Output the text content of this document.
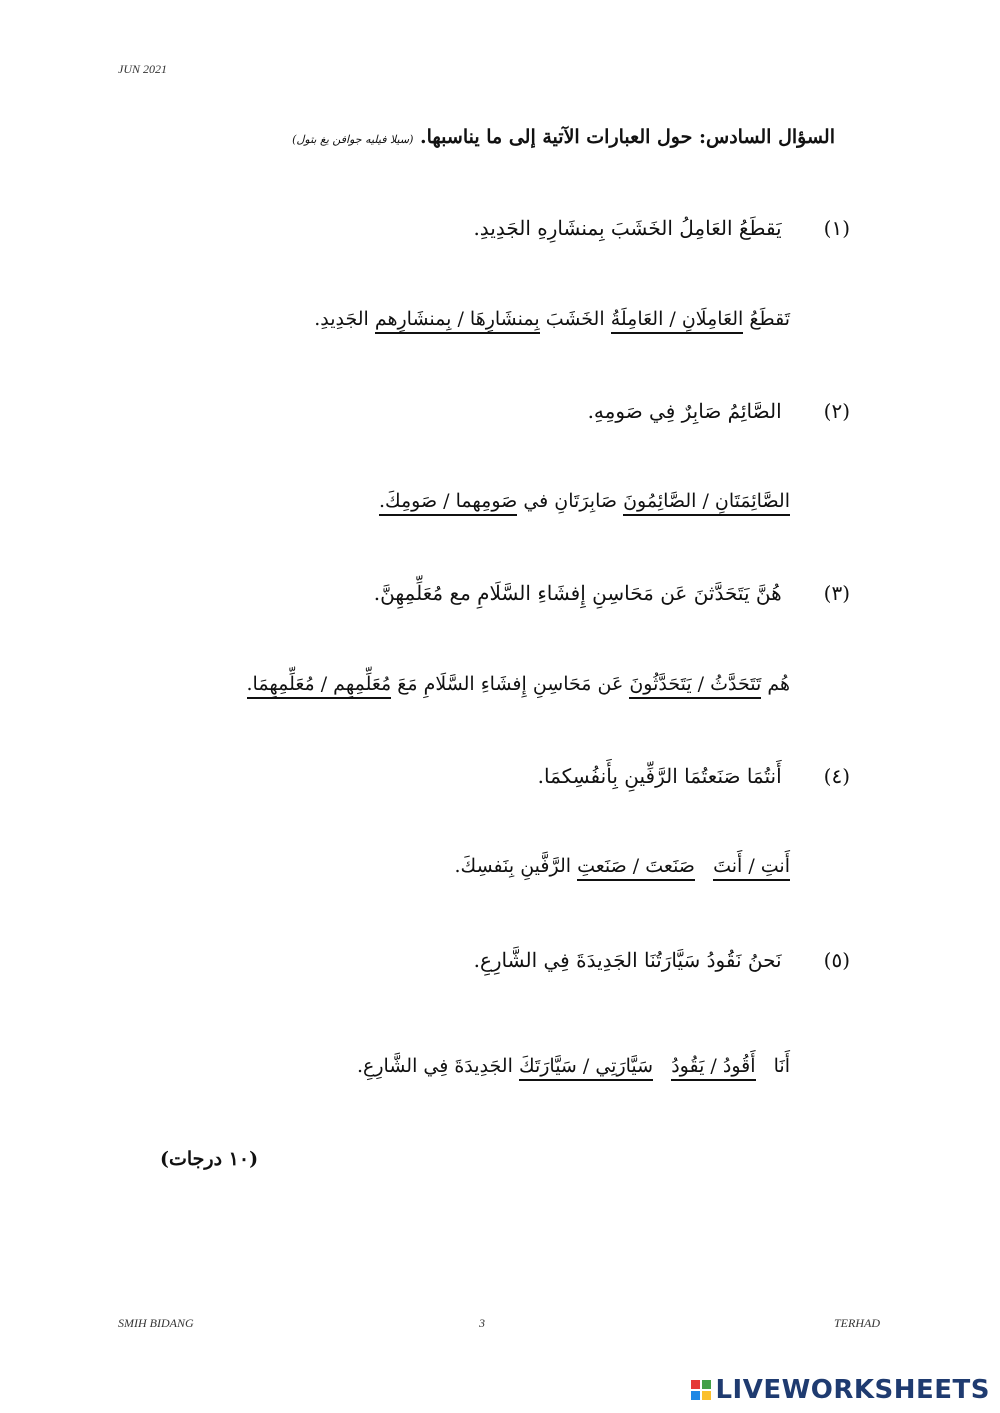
JUN 2021
السؤال السادس: حول العبارات الآتية إلى ما يناسبها. (سيلا فيليه جوافن يغ بتول)
(١) يَقطَعُ العَامِلُ الخَشَبَ بِمنشَارِهِ الجَدِيدِ.
تَقطَعُ العَامِلَانِ / العَامِلَةُ الخَشَبَ بِمنشَارِهَا / بِمنشَارِهم الجَدِيدِ.
(٢) الصَّائِمُ صَابِرٌ فِي صَومِهِ.
الصَّائِمَتَانِ / الصَّائِمُونَ صَابِرَتَانِ في صَومِهما / صَومِكَ.
(٣) هُنَّ يَتَحَدَّثنَ عَن مَحَاسِنِ إِفشَاءِ السَّلَامِ مع مُعَلِّمِهِنَّ.
هُم تَتَحَدَّثُ / يَتَحَدَّثُونَ عَن مَحَاسِنِ إِفشَاءِ السَّلَامِ مَعَ مُعَلِّمِهِم / مُعَلِّمِهِمَا.
(٤) أَنتُمَا صَنَعتُمَا الرَّفِّينِ بِأَنفُسِكمَا.
أَنتِ / أَنتَ   صَنَعتَ / صَنَعتِ الرَّفَّينِ بِنَفسِكَ.
(٥) نَحنُ نَقُودُ سَيَّارَتُنَا الجَدِيدَةَ فِي الشَّارِعِ.
أَنَا   أَقُودُ / يَقُودُ   سَيَّارَتِي / سَيَّارَتَكَ الجَدِيدَةَ فِي الشَّارِعِ.
(١٠ درجات)
SMIH BIDANG	3	TERHAD
LIVEWORKSHEETS
